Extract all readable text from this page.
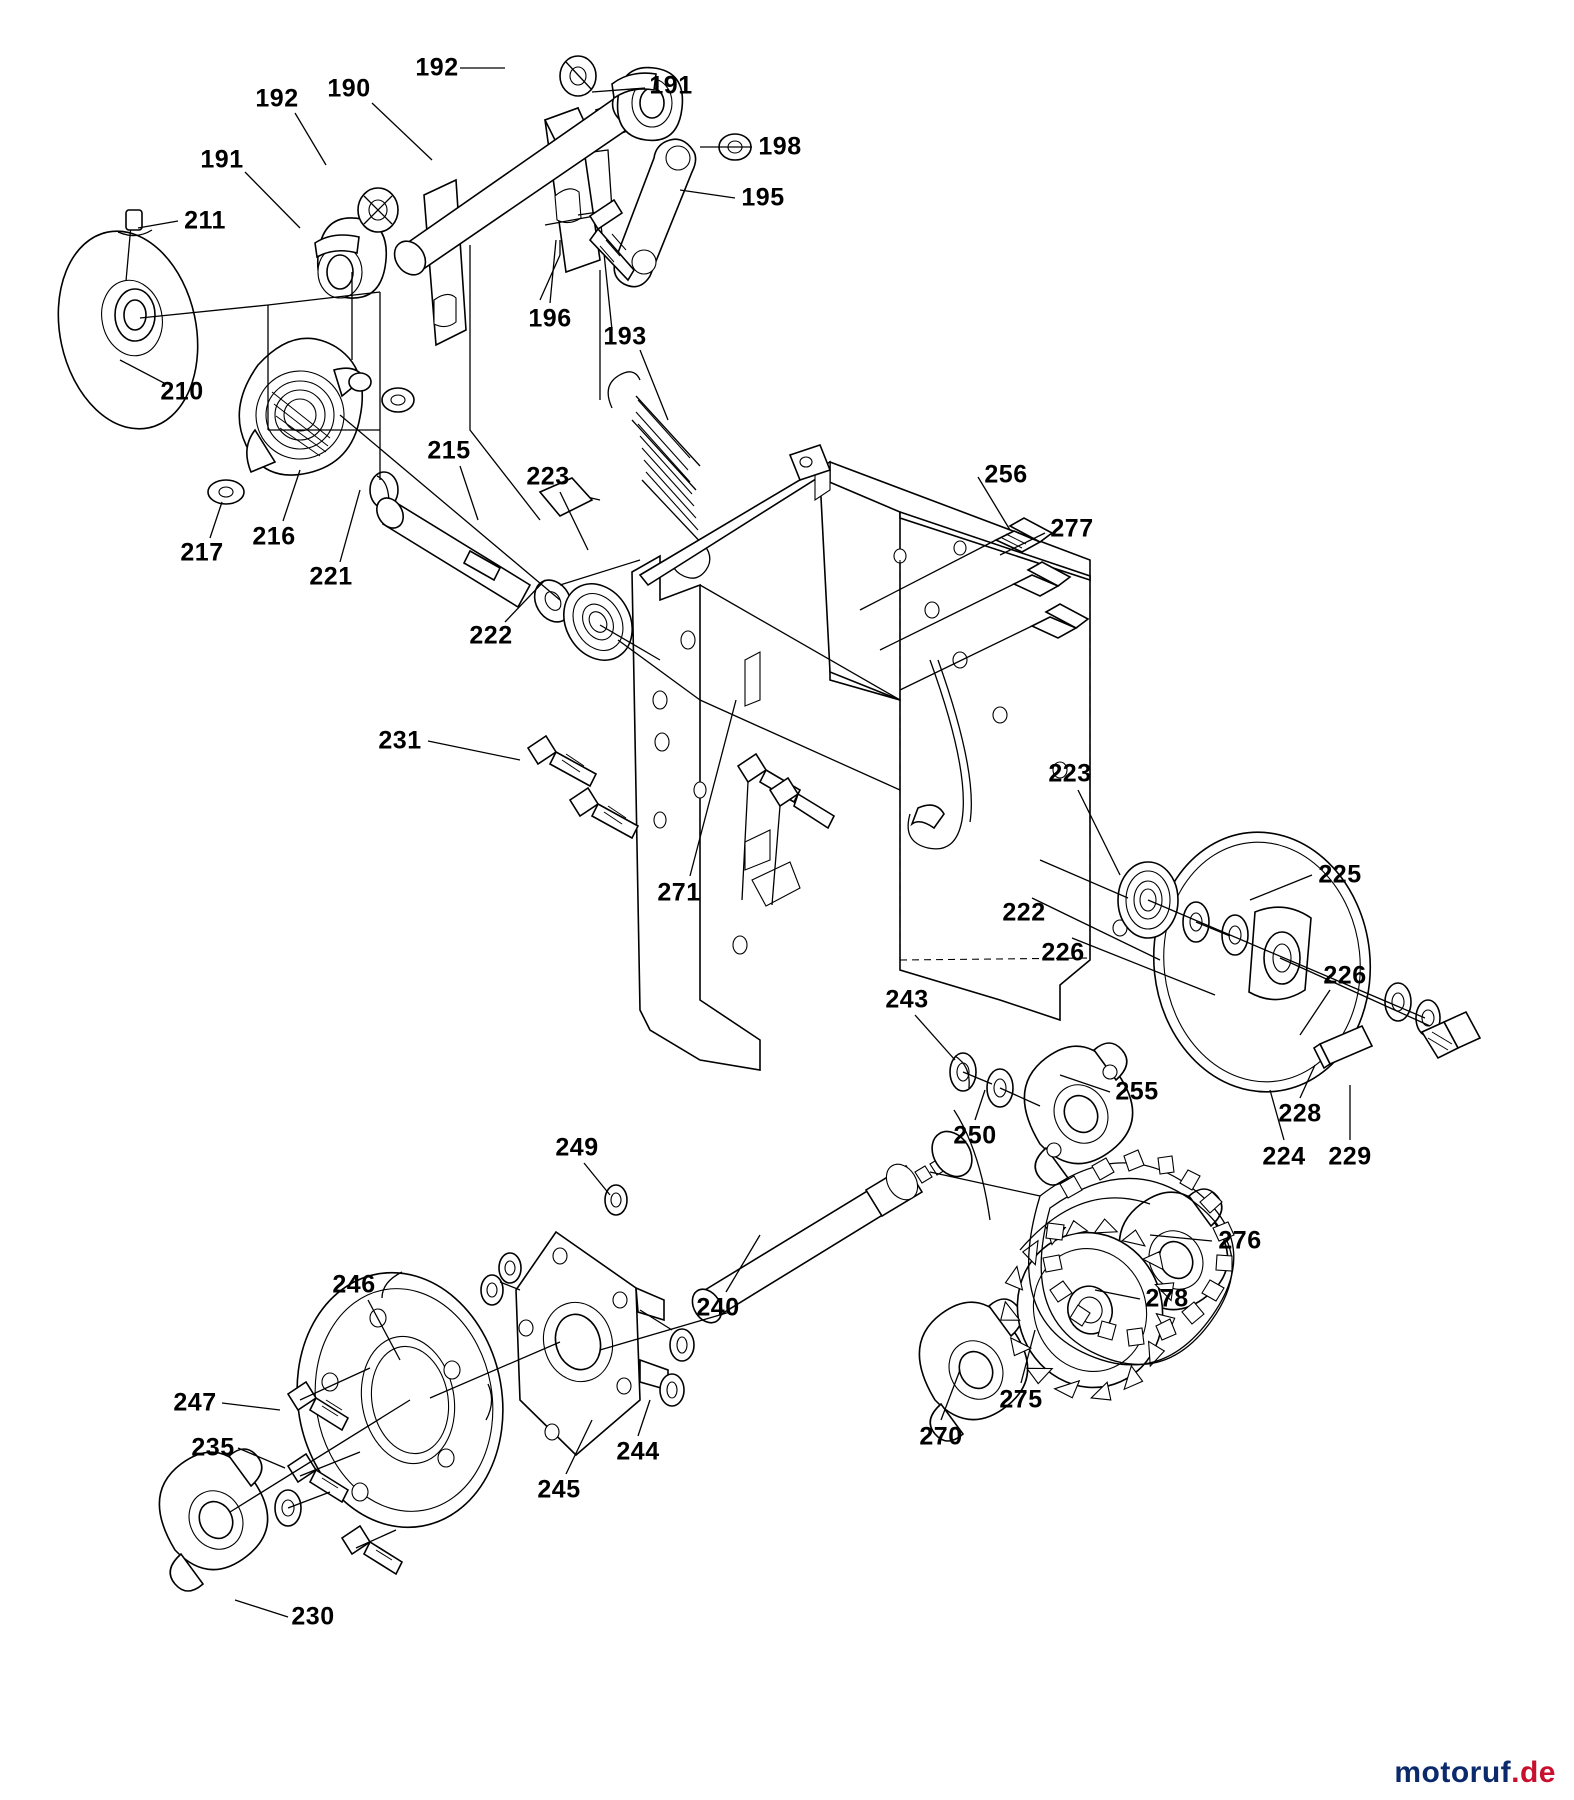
192
190	191
192
191	198
195
211
196
193
210
217
216
221
215
223
222
256
277
231
271
223
222
226
225
226
228
224 229
243
255
250
249
276
278
246
240
275
270
247
235	244
245
230
motoruf.de
